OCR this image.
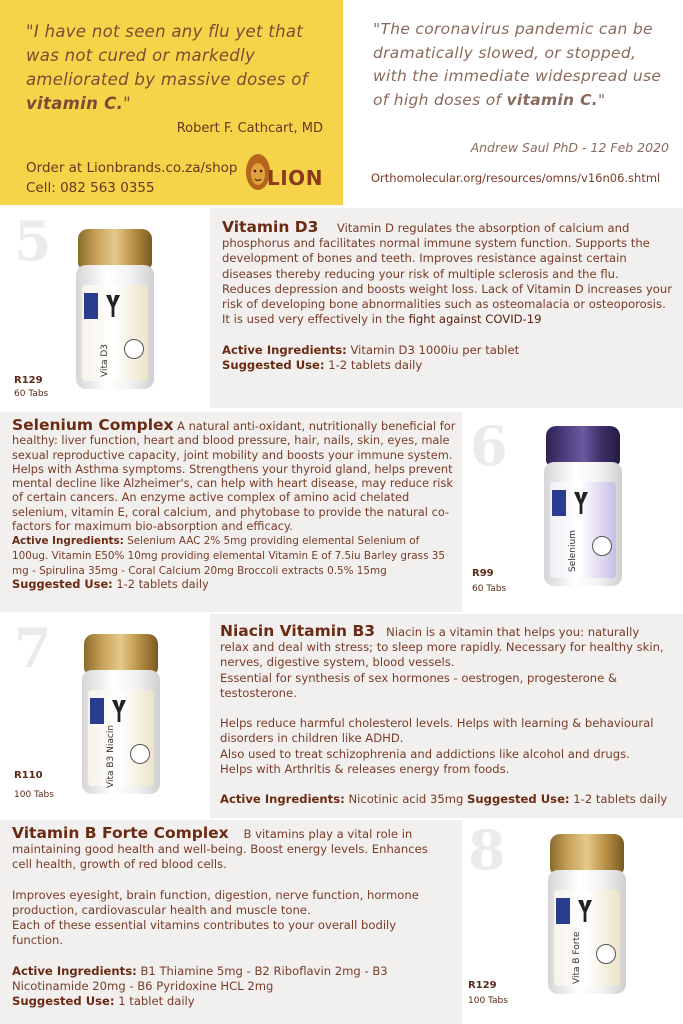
"I have not seen any flu yet that was not cured or markedly ameliorated by massive doses of vitamin C."
Robert F. Cathcart, MD
Order at Lionbrands.co.za/shop
Cell: 082 563 0355	LION
"The coronavirus pandemic can be dramatically slowed, or stopped, with the immediate widespread use of high doses of vitamin C."
Andrew Saul PhD - 12 Feb 2020
Orthomolecular.org/resources/omns/v16n06.shtml
5
Vita D3
R129
60 Tabs
Vitamin D3 Vitamin D regulates the absorption of calcium and phosphorus and facilitates normal immune system function. Supports the development of bones and teeth. Improves resistance against certain diseases thereby reducing your risk of multiple sclerosis and the flu.
Reduces depression and boosts weight loss. Lack of Vitamin D increases your risk of developing bone abnormalities such as osteomalacia or osteoporosis.
It is used very effectively in the fight against COVID-19

Active Ingredients: Vitamin D3 1000iu per tablet
Suggested Use: 1-2 tablets daily
Selenium Complex A natural anti-oxidant, nutritionally beneficial for healthy: liver function, heart and blood pressure, hair, nails, skin, eyes, male sexual reproductive capacity, joint mobility and boosts your immune system. Helps with Asthma symptoms. Strengthens your thyroid gland, helps prevent mental decline like Alzheimer's, can help with heart disease, may reduce risk of certain cancers. An enzyme active complex of amino acid chelated selenium, vitamin E, coral calcium, and phytobase to provide the natural co-factors for maximum bio-absorption and efficacy.
Active Ingredients: Selenium AAC 2% 5mg providing elemental Selenium of 100ug. Vitamin E50% 10mg providing elemental Vitamin E of 7.5iu Barley grass 35 mg - Spirulina 35mg - Coral Calcium 20mg Broccoli extracts 0.5% 15mg
Suggested Use: 1-2 tablets daily
6
Selenium
R99
60 Tabs
7
Vita B3 Niacin
R110
100 Tabs
Niacin Vitamin B3 Niacin is a vitamin that helps you: naturally relax and deal with stress; to sleep more rapidly. Necessary for healthy skin, nerves, digestive system, blood vessels.
Essential for synthesis of sex hormones - oestrogen, progesterone & testosterone.

Helps reduce harmful cholesterol levels. Helps with learning & behavioural disorders in children like ADHD.
Also used to treat schizophrenia and addictions like alcohol and drugs.
Helps with Arthritis & releases energy from foods.

Active Ingredients: Nicotinic acid 35mg Suggested Use: 1-2 tablets daily
Vitamin B Forte Complex B vitamins play a vital role in maintaining good health and well-being. Boost energy levels. Enhances cell health, growth of red blood cells.

Improves eyesight, brain function, digestion, nerve function, hormone production, cardiovascular health and muscle tone.
Each of these essential vitamins contributes to your overall bodily function.

Active Ingredients: B1 Thiamine 5mg - B2 Riboflavin 2mg - B3 Nicotinamide 20mg - B6 Pyridoxine HCL 2mg
Suggested Use: 1 tablet daily
8
Vita B Forte
R129
100 Tabs
